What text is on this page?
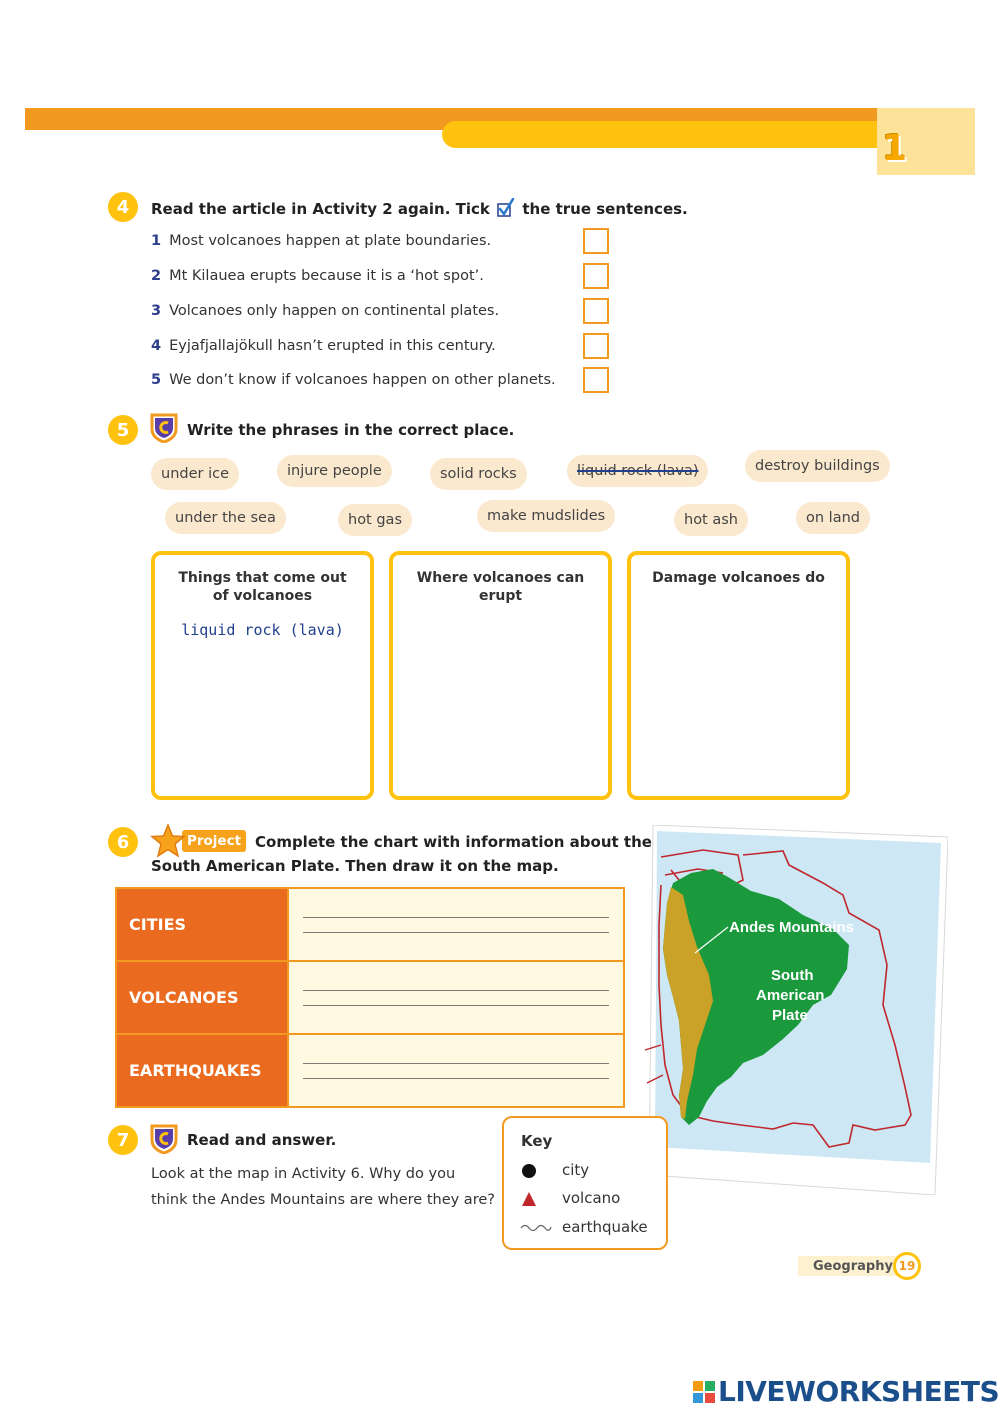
1
4	Read the article in Activity 2 again. Tick the true sentences.
1 Most volcanoes happen at plate boundaries.
2 Mt Kilauea erupts because it is a ‘hot spot’.
3 Volcanoes only happen on continental plates.
4 Eyjafjallajökull hasn’t erupted in this century.
5 We don’t know if volcanoes happen on other planets.
5	Write the phrases in the correct place.
under ice	injure people	solid rocks	liquid rock (lava)	destroy buildings
under the sea	hot gas	make mudslides	hot ash	on land
Things that come out of volcanoes
liquid rock (lava)
Where volcanoes can erupt
Damage volcanoes do
6	Project Complete the chart with information about the
South American Plate. Then draw it on the map.
CITIES	

VOLCANOES	

EARTHQUAKES	
Andes Mountains
South
American
Plate
7	Read and answer.
Look at the map in Activity 6. Why do you
think the Andes Mountains are where they are?
Key
city
volcano
earthquake
Geography 19
LIVEWORKSHEETS
